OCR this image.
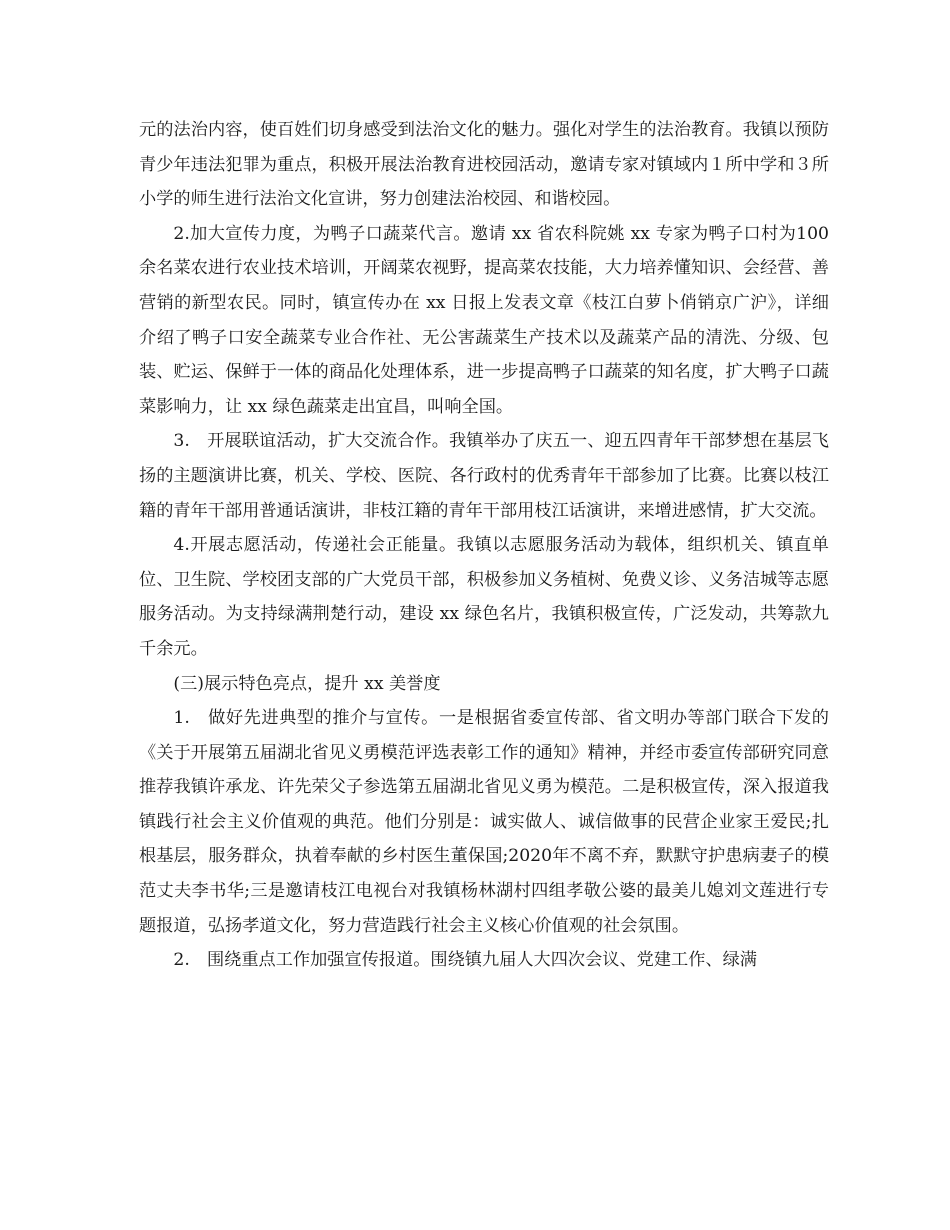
元的法治内容，使百姓们切身感受到法治文化的魅力。强化对学生的法治教育。我镇以预防青少年违法犯罪为重点，积极开展法治教育进校园活动，邀请专家对镇域内１所中学和３所小学的师生进行法治文化宣讲，努力创建法治校园、和谐校园。

2.加大宣传力度，为鸭子口蔬菜代言。邀请 xx 省农科院姚 xx 专家为鸭子口村为100余名菜农进行农业技术培训，开阔菜农视野，提高菜农技能，大力培养懂知识、会经营、善营销的新型农民。同时，镇宣传办在 xx 日报上发表文章《枝江白萝卜俏销京广沪》，详细介绍了鸭子口安全蔬菜专业合作社、无公害蔬菜生产技术以及蔬菜产品的清洗、分级、包装、贮运、保鲜于一体的商品化处理体系，进一步提高鸭子口蔬菜的知名度，扩大鸭子口蔬菜影响力，让 xx 绿色蔬菜走出宜昌，叫响全国。

3.　开展联谊活动，扩大交流合作。我镇举办了庆五一、迎五四青年干部梦想在基层飞扬的主题演讲比赛，机关、学校、医院、各行政村的优秀青年干部参加了比赛。比赛以枝江籍的青年干部用普通话演讲，非枝江籍的青年干部用枝江话演讲，来增进感情，扩大交流。

4.开展志愿活动，传递社会正能量。我镇以志愿服务活动为载体，组织机关、镇直单位、卫生院、学校团支部的广大党员干部，积极参加义务植树、免费义诊、义务洁城等志愿服务活动。为支持绿满荆楚行动，建设 xx 绿色名片，我镇积极宣传，广泛发动，共筹款九千余元。

(三)展示特色亮点，提升 xx 美誉度

1.　做好先进典型的推介与宣传。一是根据省委宣传部、省文明办等部门联合下发的《关于开展第五届湖北省见义勇模范评选表彰工作的通知》精神，并经市委宣传部研究同意推荐我镇许承龙、许先荣父子参选第五届湖北省见义勇为模范。二是积极宣传，深入报道我镇践行社会主义价值观的典范。他们分别是：诚实做人、诚信做事的民营企业家王爱民;扎根基层，服务群众，执着奉献的乡村医生董保国;2020年不离不弃，默默守护患病妻子的模范丈夫李书华;三是邀请枝江电视台对我镇杨林湖村四组孝敬公婆的最美儿媳刘文莲进行专题报道，弘扬孝道文化，努力营造践行社会主义核心价值观的社会氛围。

2.　围绕重点工作加强宣传报道。围绕镇九届人大四次会议、党建工作、绿满
